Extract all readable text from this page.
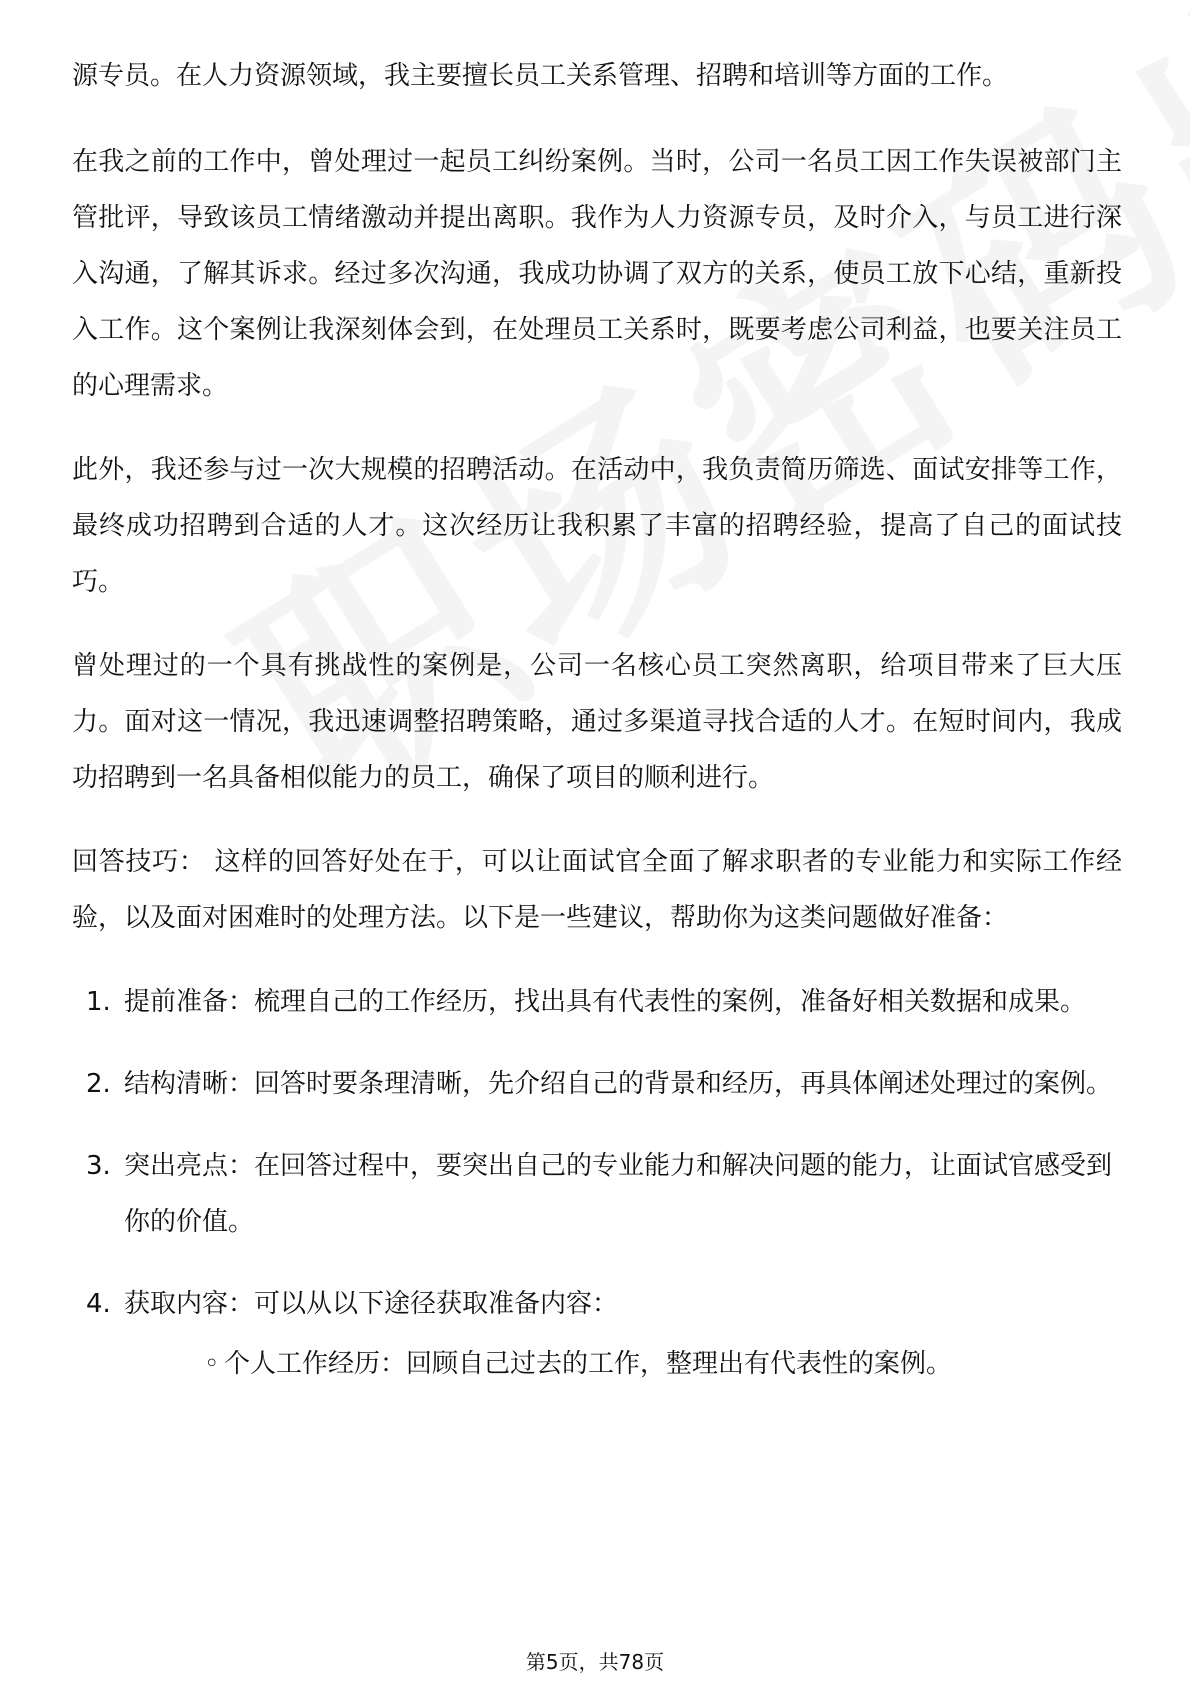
源专员。在人力资源领域，我主要擅长员工关系管理、招聘和培训等方面的工作。

在我之前的工作中，曾处理过一起员工纠纷案例。当时，公司一名员工因工作失误被部门主管批评，导致该员工情绪激动并提出离职。我作为人力资源专员，及时介入，与员工进行深入沟通，了解其诉求。经过多次沟通，我成功协调了双方的关系，使员工放下心结，重新投入工作。这个案例让我深刻体会到，在处理员工关系时，既要考虑公司利益，也要关注员工的心理需求。

此外，我还参与过一次大规模的招聘活动。在活动中，我负责简历筛选、面试安排等工作，最终成功招聘到合适的人才。这次经历让我积累了丰富的招聘经验，提高了自己的面试技巧。

曾处理过的一个具有挑战性的案例是，公司一名核心员工突然离职，给项目带来了巨大压力。面对这一情况，我迅速调整招聘策略，通过多渠道寻找合适的人才。在短时间内，我成功招聘到一名具备相似能力的员工，确保了项目的顺利进行。

回答技巧： 这样的回答好处在于，可以让面试官全面了解求职者的专业能力和实际工作经验，以及面对困难时的处理方法。以下是一些建议，帮助你为这类问题做好准备：

1. 提前准备：梳理自己的工作经历，找出具有代表性的案例，准备好相关数据和成果。
2. 结构清晰：回答时要条理清晰，先介绍自己的背景和经历，再具体阐述处理过的案例。
3. 突出亮点：在回答过程中，要突出自己的专业能力和解决问题的能力，让面试官感受到你的价值。
4. 获取内容：可以从以下途径获取准备内容：
◦ 个人工作经历：回顾自己过去的工作，整理出有代表性的案例。
第5页，共78页
